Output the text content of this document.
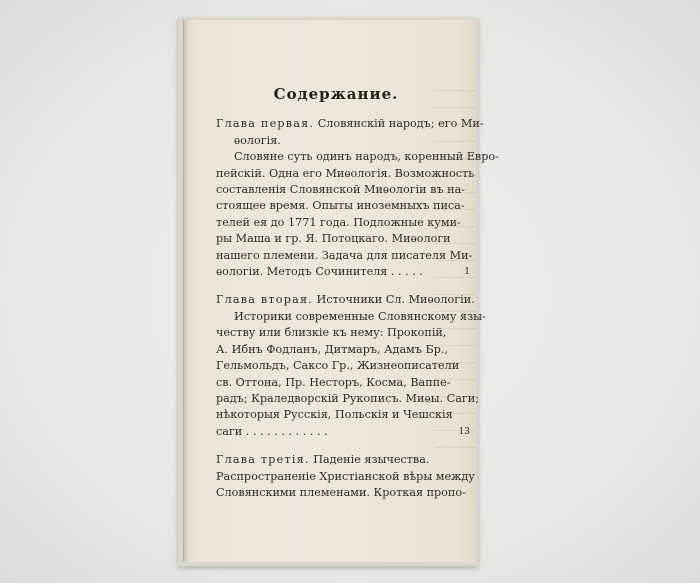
Содержание.
Глава первая. Словянскій народъ; его Ми-
ѳологія.
Словяне суть одинъ народъ, коренный Евро-
пейскій. Одна его Миѳологія. Возможность
составленія Словянской Миѳологіи въ на-
стоящее время. Опыты иноземныхъ писа-
телей ея до 1771 года. Подложные куми-
ры Маша и гр. Я. Потоцкаго. Миѳологи
нашего племени. Задача для писателя Ми-
ѳологіи. Методъ Сочинителя . . . . .	1
Глава вторая. Источники Сл. Миѳологіи.
Историки современные Словянскому язы-
честву или близкіе къ нему: Прокопій,
А. Ибнъ Фодланъ, Дитмаръ, Адамъ Бр.,
Гельмольдъ, Саксо Гр., Жизнеописатели
св. Оттона, Пр. Несторъ, Косма, Ваппе-
радъ; Краледворскій Рукописъ. Миѳы. Саги;
нѣкоторыя Русскія, Польскія и Чешскія
саги . . . . . . . . . . . .	13
Глава третія. Паденіе язычества.
Распространеніе Христіанской вѣры между
Словянскими племенами. Кроткая пропо-
